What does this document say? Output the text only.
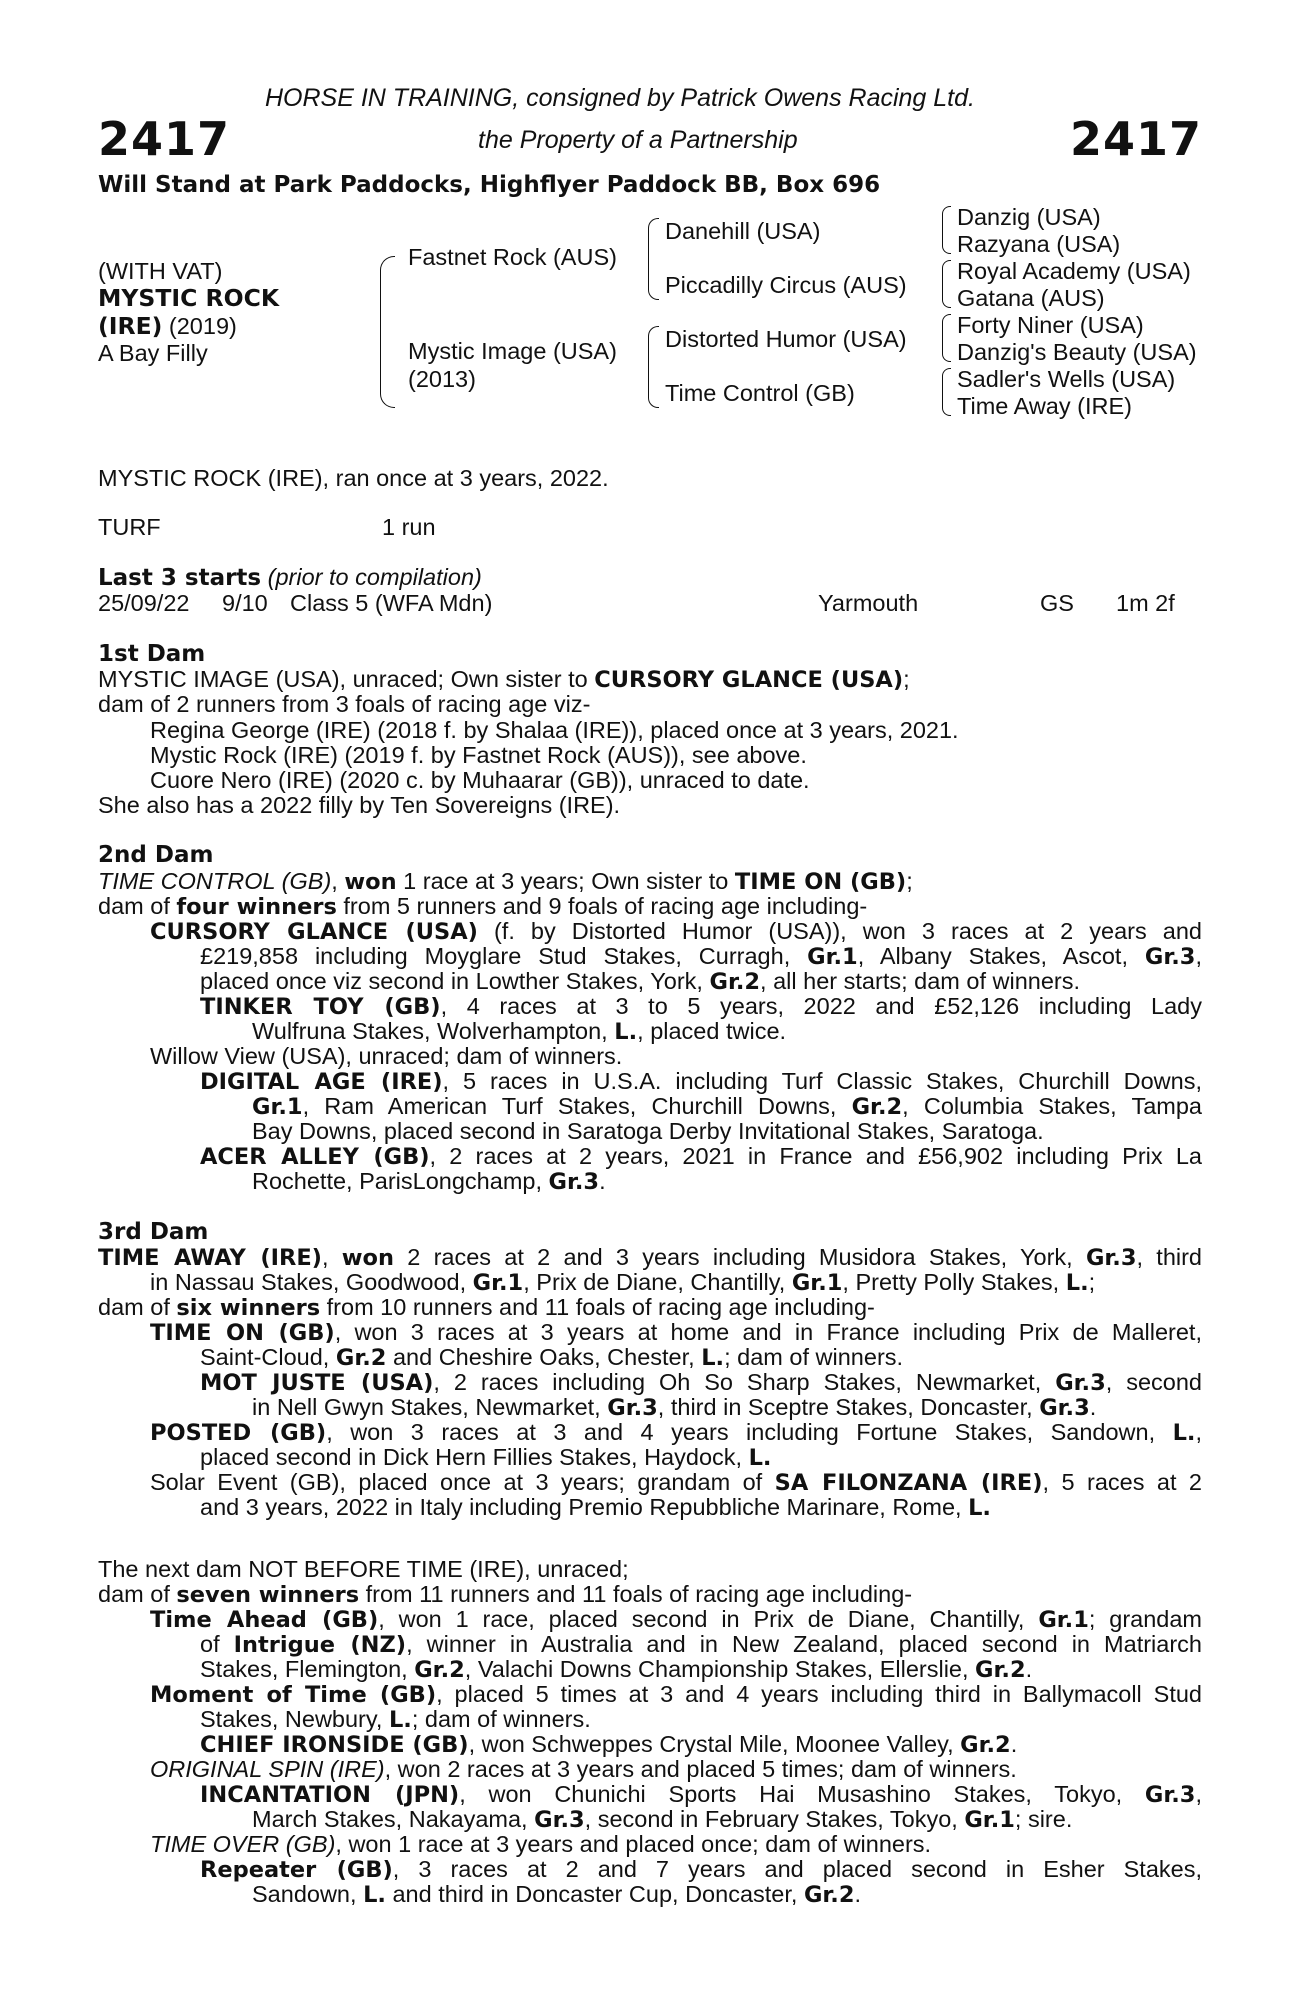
2417	2417
HORSE IN TRAINING, consigned by Patrick Owens Racing Ltd.
the Property of a Partnership
Will Stand at Park Paddocks, Highflyer Paddock BB, Box 696
(WITH VAT)
MYSTIC ROCK
(IRE) (2019)
A Bay Filly
Fastnet Rock (AUS)
Mystic Image (USA)
(2013)
Danehill (USA)
Piccadilly Circus (AUS)
Distorted Humor (USA)
Time Control (GB)
Danzig (USA)
Razyana (USA)
Royal Academy (USA)
Gatana (AUS)
Forty Niner (USA)
Danzig's Beauty (USA)
Sadler's Wells (USA)
Time Away (IRE)
MYSTIC ROCK (IRE), ran once at 3 years, 2022.
TURF	1 run
Last 3 starts (prior to compilation)
25/09/22 9/10 Class 5 (WFA Mdn)	Yarmouth	GS 1m 2f
1st Dam
MYSTIC IMAGE (USA), unraced; Own sister to CURSORY GLANCE (USA);
dam of 2 runners from 3 foals of racing age viz-
Regina George (IRE) (2018 f. by Shalaa (IRE)), placed once at 3 years, 2021.
Mystic Rock (IRE) (2019 f. by Fastnet Rock (AUS)), see above.
Cuore Nero (IRE) (2020 c. by Muhaarar (GB)), unraced to date.
She also has a 2022 filly by Ten Sovereigns (IRE).
2nd Dam
TIME CONTROL (GB), won 1 race at 3 years; Own sister to TIME ON (GB);
dam of four winners from 5 runners and 9 foals of racing age including-
CURSORY GLANCE (USA) (f. by Distorted Humor (USA)), won 3 races at 2 years and
£219,858 including Moyglare Stud Stakes, Curragh, Gr.1, Albany Stakes, Ascot, Gr.3,
placed once viz second in Lowther Stakes, York, Gr.2, all her starts; dam of winners.
TINKER TOY (GB), 4 races at 3 to 5 years, 2022 and £52,126 including Lady
Wulfruna Stakes, Wolverhampton, L., placed twice.
Willow View (USA), unraced; dam of winners.
DIGITAL AGE (IRE), 5 races in U.S.A. including Turf Classic Stakes, Churchill Downs,
Gr.1, Ram American Turf Stakes, Churchill Downs, Gr.2, Columbia Stakes, Tampa
Bay Downs, placed second in Saratoga Derby Invitational Stakes, Saratoga.
ACER ALLEY (GB), 2 races at 2 years, 2021 in France and £56,902 including Prix La
Rochette, ParisLongchamp, Gr.3.
3rd Dam
TIME AWAY (IRE), won 2 races at 2 and 3 years including Musidora Stakes, York, Gr.3, third
in Nassau Stakes, Goodwood, Gr.1, Prix de Diane, Chantilly, Gr.1, Pretty Polly Stakes, L.;
dam of six winners from 10 runners and 11 foals of racing age including-
TIME ON (GB), won 3 races at 3 years at home and in France including Prix de Malleret,
Saint-Cloud, Gr.2 and Cheshire Oaks, Chester, L.; dam of winners.
MOT JUSTE (USA), 2 races including Oh So Sharp Stakes, Newmarket, Gr.3, second
in Nell Gwyn Stakes, Newmarket, Gr.3, third in Sceptre Stakes, Doncaster, Gr.3.
POSTED (GB), won 3 races at 3 and 4 years including Fortune Stakes, Sandown, L.,
placed second in Dick Hern Fillies Stakes, Haydock, L.
Solar Event (GB), placed once at 3 years; grandam of SA FILONZANA (IRE), 5 races at 2
and 3 years, 2022 in Italy including Premio Repubbliche Marinare, Rome, L.
The next dam NOT BEFORE TIME (IRE), unraced;
dam of seven winners from 11 runners and 11 foals of racing age including-
Time Ahead (GB), won 1 race, placed second in Prix de Diane, Chantilly, Gr.1; grandam
of Intrigue (NZ), winner in Australia and in New Zealand, placed second in Matriarch
Stakes, Flemington, Gr.2, Valachi Downs Championship Stakes, Ellerslie, Gr.2.
Moment of Time (GB), placed 5 times at 3 and 4 years including third in Ballymacoll Stud
Stakes, Newbury, L.; dam of winners.
CHIEF IRONSIDE (GB), won Schweppes Crystal Mile, Moonee Valley, Gr.2.
ORIGINAL SPIN (IRE), won 2 races at 3 years and placed 5 times; dam of winners.
INCANTATION (JPN), won Chunichi Sports Hai Musashino Stakes, Tokyo, Gr.3,
March Stakes, Nakayama, Gr.3, second in February Stakes, Tokyo, Gr.1; sire.
TIME OVER (GB), won 1 race at 3 years and placed once; dam of winners.
Repeater (GB), 3 races at 2 and 7 years and placed second in Esher Stakes,
Sandown, L. and third in Doncaster Cup, Doncaster, Gr.2.
